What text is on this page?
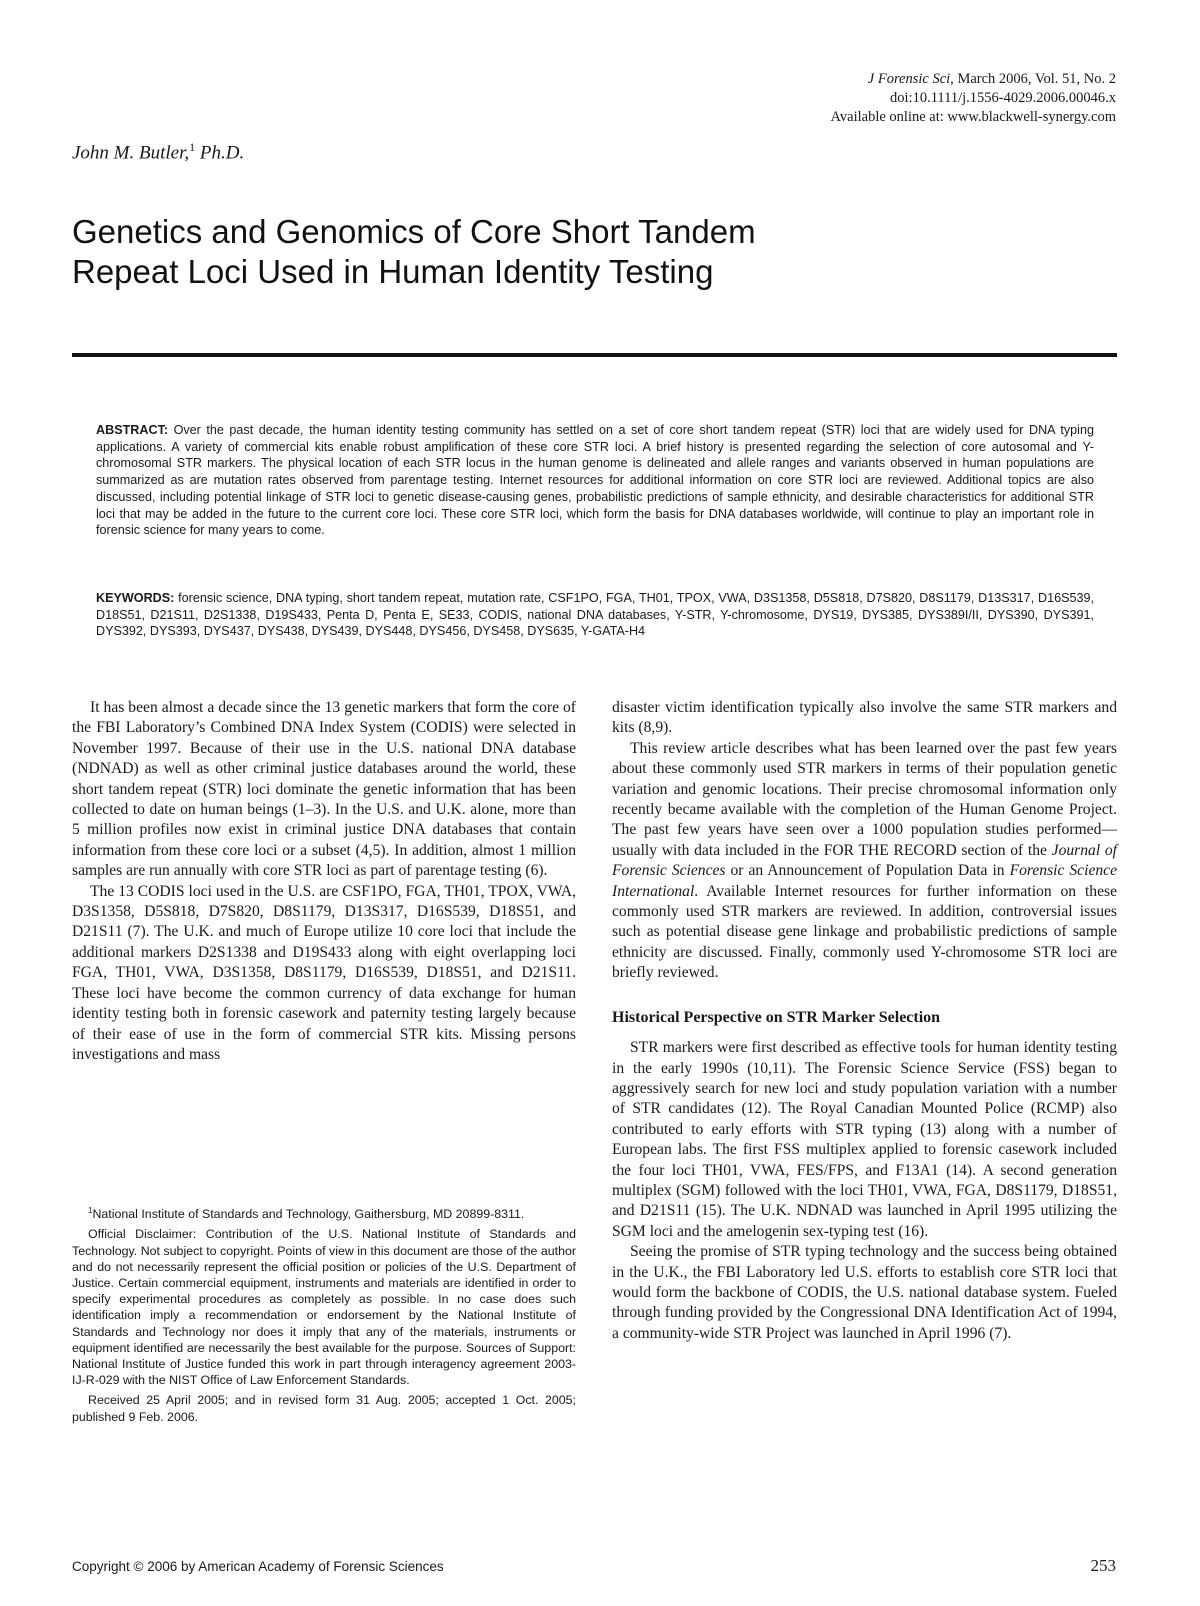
J Forensic Sci, March 2006, Vol. 51, No. 2
doi:10.1111/j.1556-4029.2006.00046.x
Available online at: www.blackwell-synergy.com
John M. Butler,$^1$ Ph.D.
Genetics and Genomics of Core Short Tandem
Repeat Loci Used in Human Identity Testing
ABSTRACT: Over the past decade, the human identity testing community has settled on a set of core short tandem repeat (STR) loci that are widely used for DNA typing applications. A variety of commercial kits enable robust amplification of these core STR loci. A brief history is presented regarding the selection of core autosomal and Y-chromosomal STR markers. The physical location of each STR locus in the human genome is delineated and allele ranges and variants observed in human populations are summarized as are mutation rates observed from parentage testing. Internet resources for additional information on core STR loci are reviewed. Additional topics are also discussed, including potential linkage of STR loci to genetic disease-causing genes, probabilistic predictions of sample ethnicity, and desirable characteristics for additional STR loci that may be added in the future to the current core loci. These core STR loci, which form the basis for DNA databases worldwide, will continue to play an important role in forensic science for many years to come.
KEYWORDS: forensic science, DNA typing, short tandem repeat, mutation rate, CSF1PO, FGA, TH01, TPOX, VWA, D3S1358, D5S818, D7S820, D8S1179, D13S317, D16S539, D18S51, D21S11, D2S1338, D19S433, Penta D, Penta E, SE33, CODIS, national DNA databases, Y-STR, Y-chromosome, DYS19, DYS385, DYS389I/II, DYS390, DYS391, DYS392, DYS393, DYS437, DYS438, DYS439, DYS448, DYS456, DYS458, DYS635, Y-GATA-H4

It has been almost a decade since the 13 genetic markers that form the core of the FBI Laboratory’s Combined DNA Index System (CODIS) were selected in November 1997. Because of their use in the U.S. national DNA database (NDNAD) as well as other criminal justice databases around the world, these short tandem repeat (STR) loci dominate the genetic information that has been collected to date on human beings (1–3). In the U.S. and U.K. alone, more than 5 million profiles now exist in criminal justice DNA databases that contain information from these core loci or a subset (4,5). In addition, almost 1 million samples are run annually with core STR loci as part of parentage testing (6).

The 13 CODIS loci used in the U.S. are CSF1PO, FGA, TH01, TPOX, VWA, D3S1358, D5S818, D7S820, D8S1179, D13S317, D16S539, D18S51, and D21S11 (7). The U.K. and much of Europe utilize 10 core loci that include the additional markers D2S1338 and D19S433 along with eight overlapping loci FGA, TH01, VWA, D3S1358, D8S1179, D16S539, D18S51, and D21S11. These loci have become the common currency of data exchange for human identity testing both in forensic casework and paternity testing largely because of their ease of use in the form of commercial STR kits. Missing persons investigations and mass

$^1$National Institute of Standards and Technology, Gaithersburg, MD 20899-8311.

Official Disclaimer: Contribution of the U.S. National Institute of Standards and Technology. Not subject to copyright. Points of view in this document are those of the author and do not necessarily represent the official position or policies of the U.S. Department of Justice. Certain commercial equipment, instruments and materials are identified in order to specify experimental procedures as completely as possible. In no case does such identification imply a recommendation or endorsement by the National Institute of Standards and Technology nor does it imply that any of the materials, instruments or equipment identified are necessarily the best available for the purpose. Sources of Support: National Institute of Justice funded this work in part through interagency agreement 2003-IJ-R-029 with the NIST Office of Law Enforcement Standards.

Received 25 April 2005; and in revised form 31 Aug. 2005; accepted 1 Oct. 2005; published 9 Feb. 2006.

disaster victim identification typically also involve the same STR markers and kits (8,9).

This review article describes what has been learned over the past few years about these commonly used STR markers in terms of their population genetic variation and genomic locations. Their precise chromosomal information only recently became available with the completion of the Human Genome Project. The past few years have seen over a 1000 population studies performed—usually with data included in the FOR THE RECORD section of the Journal of Forensic Sciences or an Announcement of Population Data in Forensic Science International. Available Internet resources for further information on these commonly used STR markers are reviewed. In addition, controversial issues such as potential disease gene linkage and probabilistic predictions of sample ethnicity are discussed. Finally, commonly used Y-chromosome STR loci are briefly reviewed.

Historical Perspective on STR Marker Selection

STR markers were first described as effective tools for human identity testing in the early 1990s (10,11). The Forensic Science Service (FSS) began to aggressively search for new loci and study population variation with a number of STR candidates (12). The Royal Canadian Mounted Police (RCMP) also contributed to early efforts with STR typing (13) along with a number of European labs. The first FSS multiplex applied to forensic casework included the four loci TH01, VWA, FES/FPS, and F13A1 (14). A second generation multiplex (SGM) followed with the loci TH01, VWA, FGA, D8S1179, D18S51, and D21S11 (15). The U.K. NDNAD was launched in April 1995 utilizing the SGM loci and the amelogenin sex-typing test (16).

Seeing the promise of STR typing technology and the success being obtained in the U.K., the FBI Laboratory led U.S. efforts to establish core STR loci that would form the backbone of CODIS, the U.S. national database system. Fueled through funding provided by the Congressional DNA Identification Act of 1994, a community-wide STR Project was launched in April 1996 (7).

Copyright © 2006 by American Academy of Forensic Sciences	253
